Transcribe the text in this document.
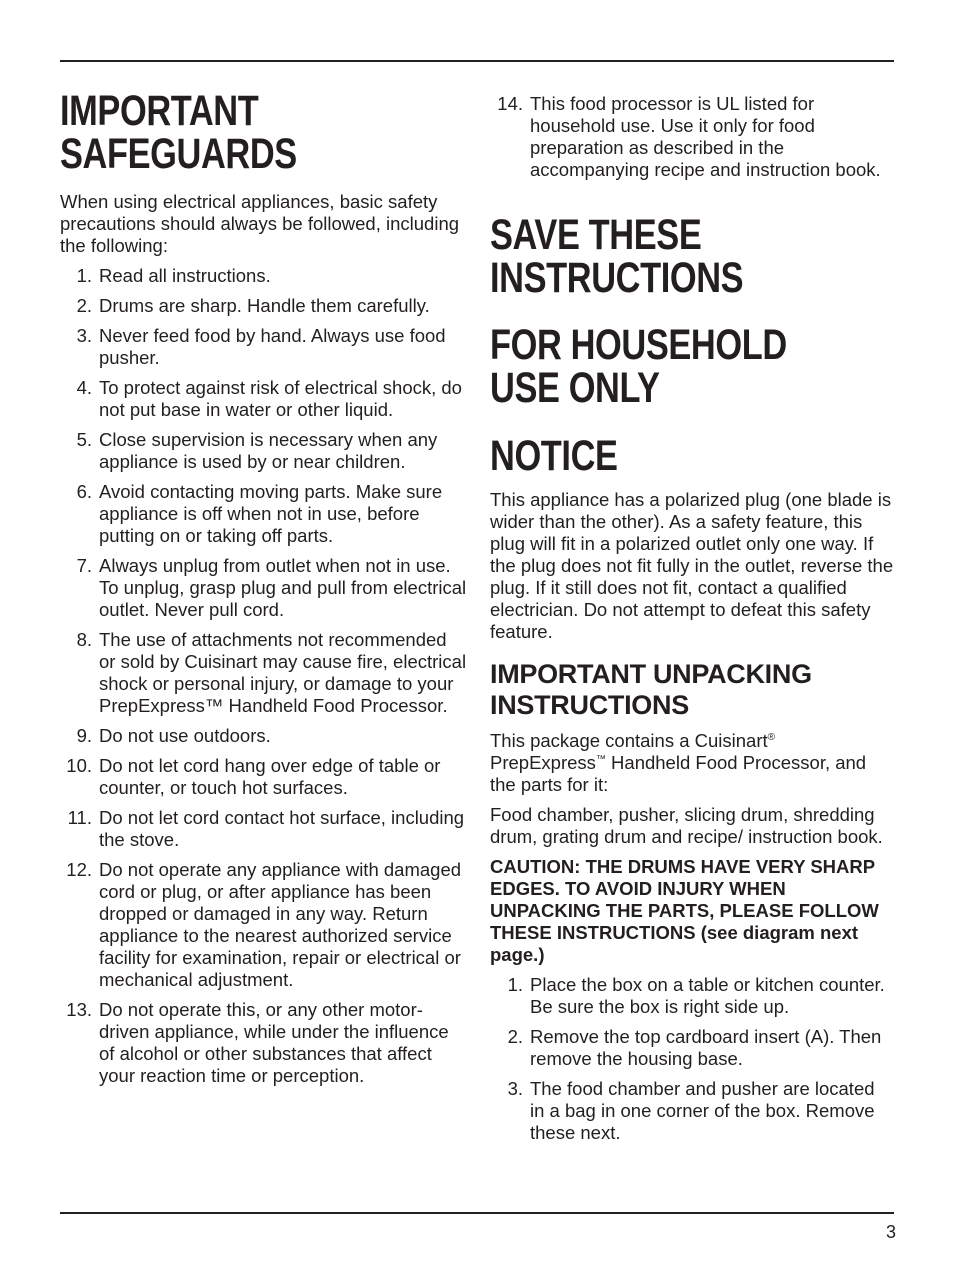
IMPORTANT
SAFEGUARDS

When using electrical appliances, basic safety precautions should always be followed, including the following:

1. Read all instructions.
2. Drums are sharp. Handle them carefully.
3. Never feed food by hand. Always use food pusher.
4. To protect against risk of electrical shock, do not put base in water or other liquid.
5. Close supervision is necessary when any appliance is used by or near children.
6. Avoid contacting moving parts. Make sure appliance is off when not in use, before putting on or taking off parts.
7. Always unplug from outlet when not in use. To unplug, grasp plug and pull from electrical outlet. Never pull cord.
8. The use of attachments not recommended or sold by Cuisinart may cause fire, electrical shock or personal injury, or damage to your PrepExpress™ Handheld Food Processor.
9. Do not use outdoors.
10. Do not let cord hang over edge of table or counter, or touch hot surfaces.
11. Do not let cord contact hot surface, including the stove.
12. Do not operate any appliance with damaged cord or plug, or after appliance has been dropped or damaged in any way. Return appliance to the nearest authorized service facility for examination, repair or electrical or mechanical adjustment.
13. Do not operate this, or any other motor-driven appliance, while under the influence of alcohol or other substances that affect your reaction time or perception.
14. This food processor is UL listed for household use. Use it only for food preparation as described in the accompanying recipe and instruction book.
SAVE THESE
INSTRUCTIONS
FOR HOUSEHOLD
USE ONLY
NOTICE

This appliance has a polarized plug (one blade is wider than the other). As a safety feature, this plug will fit in a polarized outlet only one way. If the plug does not fit fully in the outlet, reverse the plug. If it still does not fit, contact a qualified electrician. Do not attempt to defeat this safety feature.

IMPORTANT UNPACKING
INSTRUCTIONS

This package contains a Cuisinart®
PrepExpress™ Handheld Food Processor, and the parts for it:

Food chamber, pusher, slicing drum, shredding drum, grating drum and recipe/ instruction book.

CAUTION: THE DRUMS HAVE VERY SHARP EDGES. TO AVOID INJURY WHEN UNPACKING THE PARTS, PLEASE FOLLOW THESE INSTRUCTIONS (see diagram next page.)

1. Place the box on a table or kitchen counter. Be sure the box is right side up.
2. Remove the top cardboard insert (A). Then remove the housing base.
3. The food chamber and pusher are located in a bag in one corner of the box. Remove these next.
3
